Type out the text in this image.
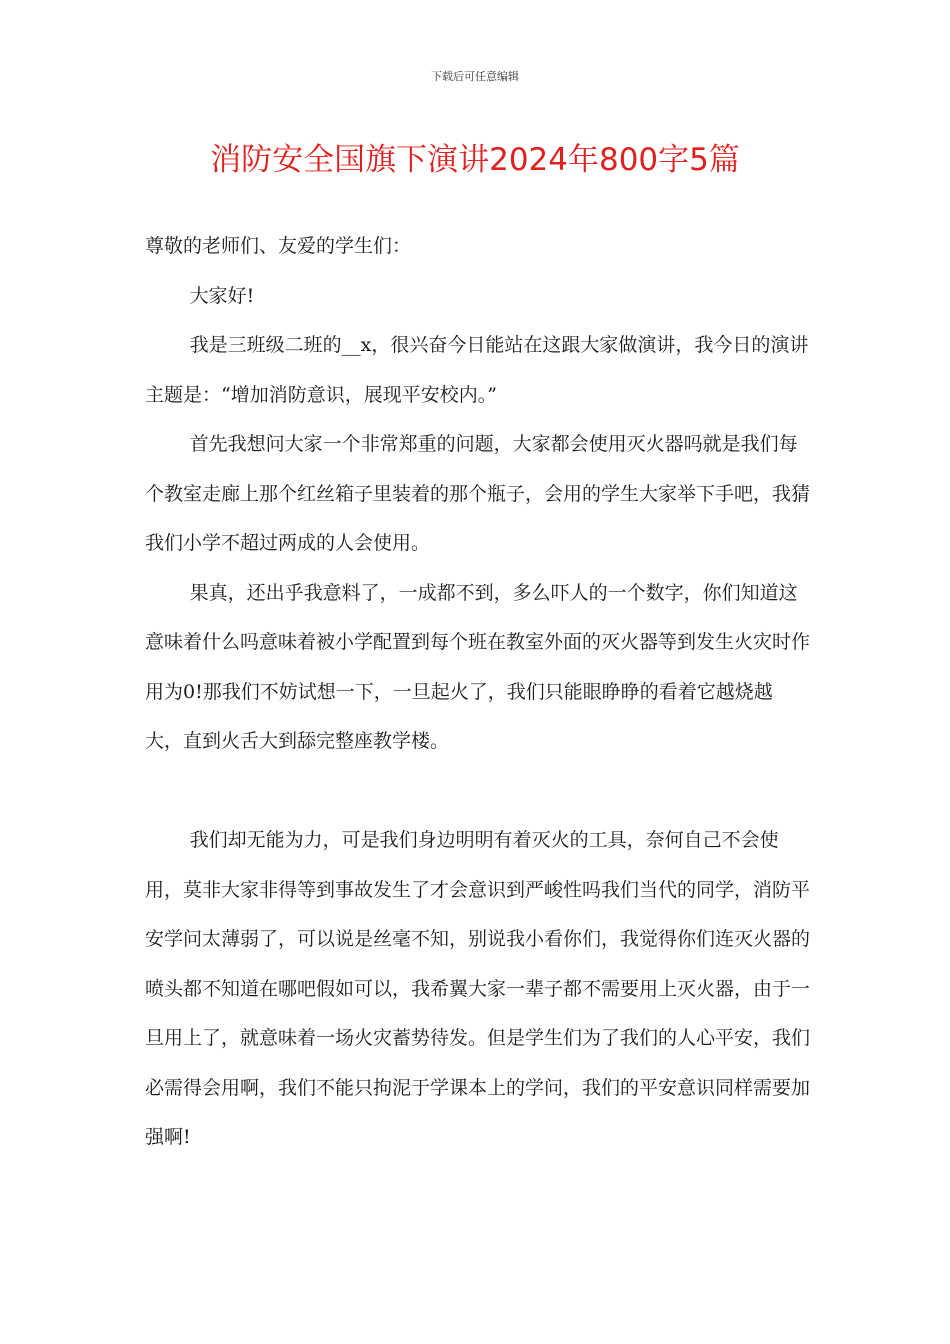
下载后可任意编辑
消防安全国旗下演讲2024年800字5篇

尊敬的老师们、友爱的学生们：

大家好!

我是三班级二班的__x，很兴奋今日能站在这跟大家做演讲，我今日的演讲主题是：“增加消防意识，展现平安校内。”

首先我想问大家一个非常郑重的问题，大家都会使用灭火器吗就是我们每个教室走廊上那个红丝箱子里装着的那个瓶子，会用的学生大家举下手吧，我猜我们小学不超过两成的人会使用。

果真，还出乎我意料了，一成都不到，多么吓人的一个数字，你们知道这意味着什么吗意味着被小学配置到每个班在教室外面的灭火器等到发生火灾时作用为0!那我们不妨试想一下，一旦起火了，我们只能眼睁睁的看着它越烧越大，直到火舌大到舔完整座教学楼。

我们却无能为力，可是我们身边明明有着灭火的工具，奈何自己不会使用，莫非大家非得等到事故发生了才会意识到严峻性吗我们当代的同学，消防平安学问太薄弱了，可以说是丝毫不知，别说我小看你们，我觉得你们连灭火器的喷头都不知道在哪吧假如可以，我希翼大家一辈子都不需要用上灭火器，由于一旦用上了，就意味着一场火灾蓄势待发。但是学生们为了我们的人心平安，我们必需得会用啊，我们不能只拘泥于学课本上的学问，我们的平安意识同样需要加强啊!
